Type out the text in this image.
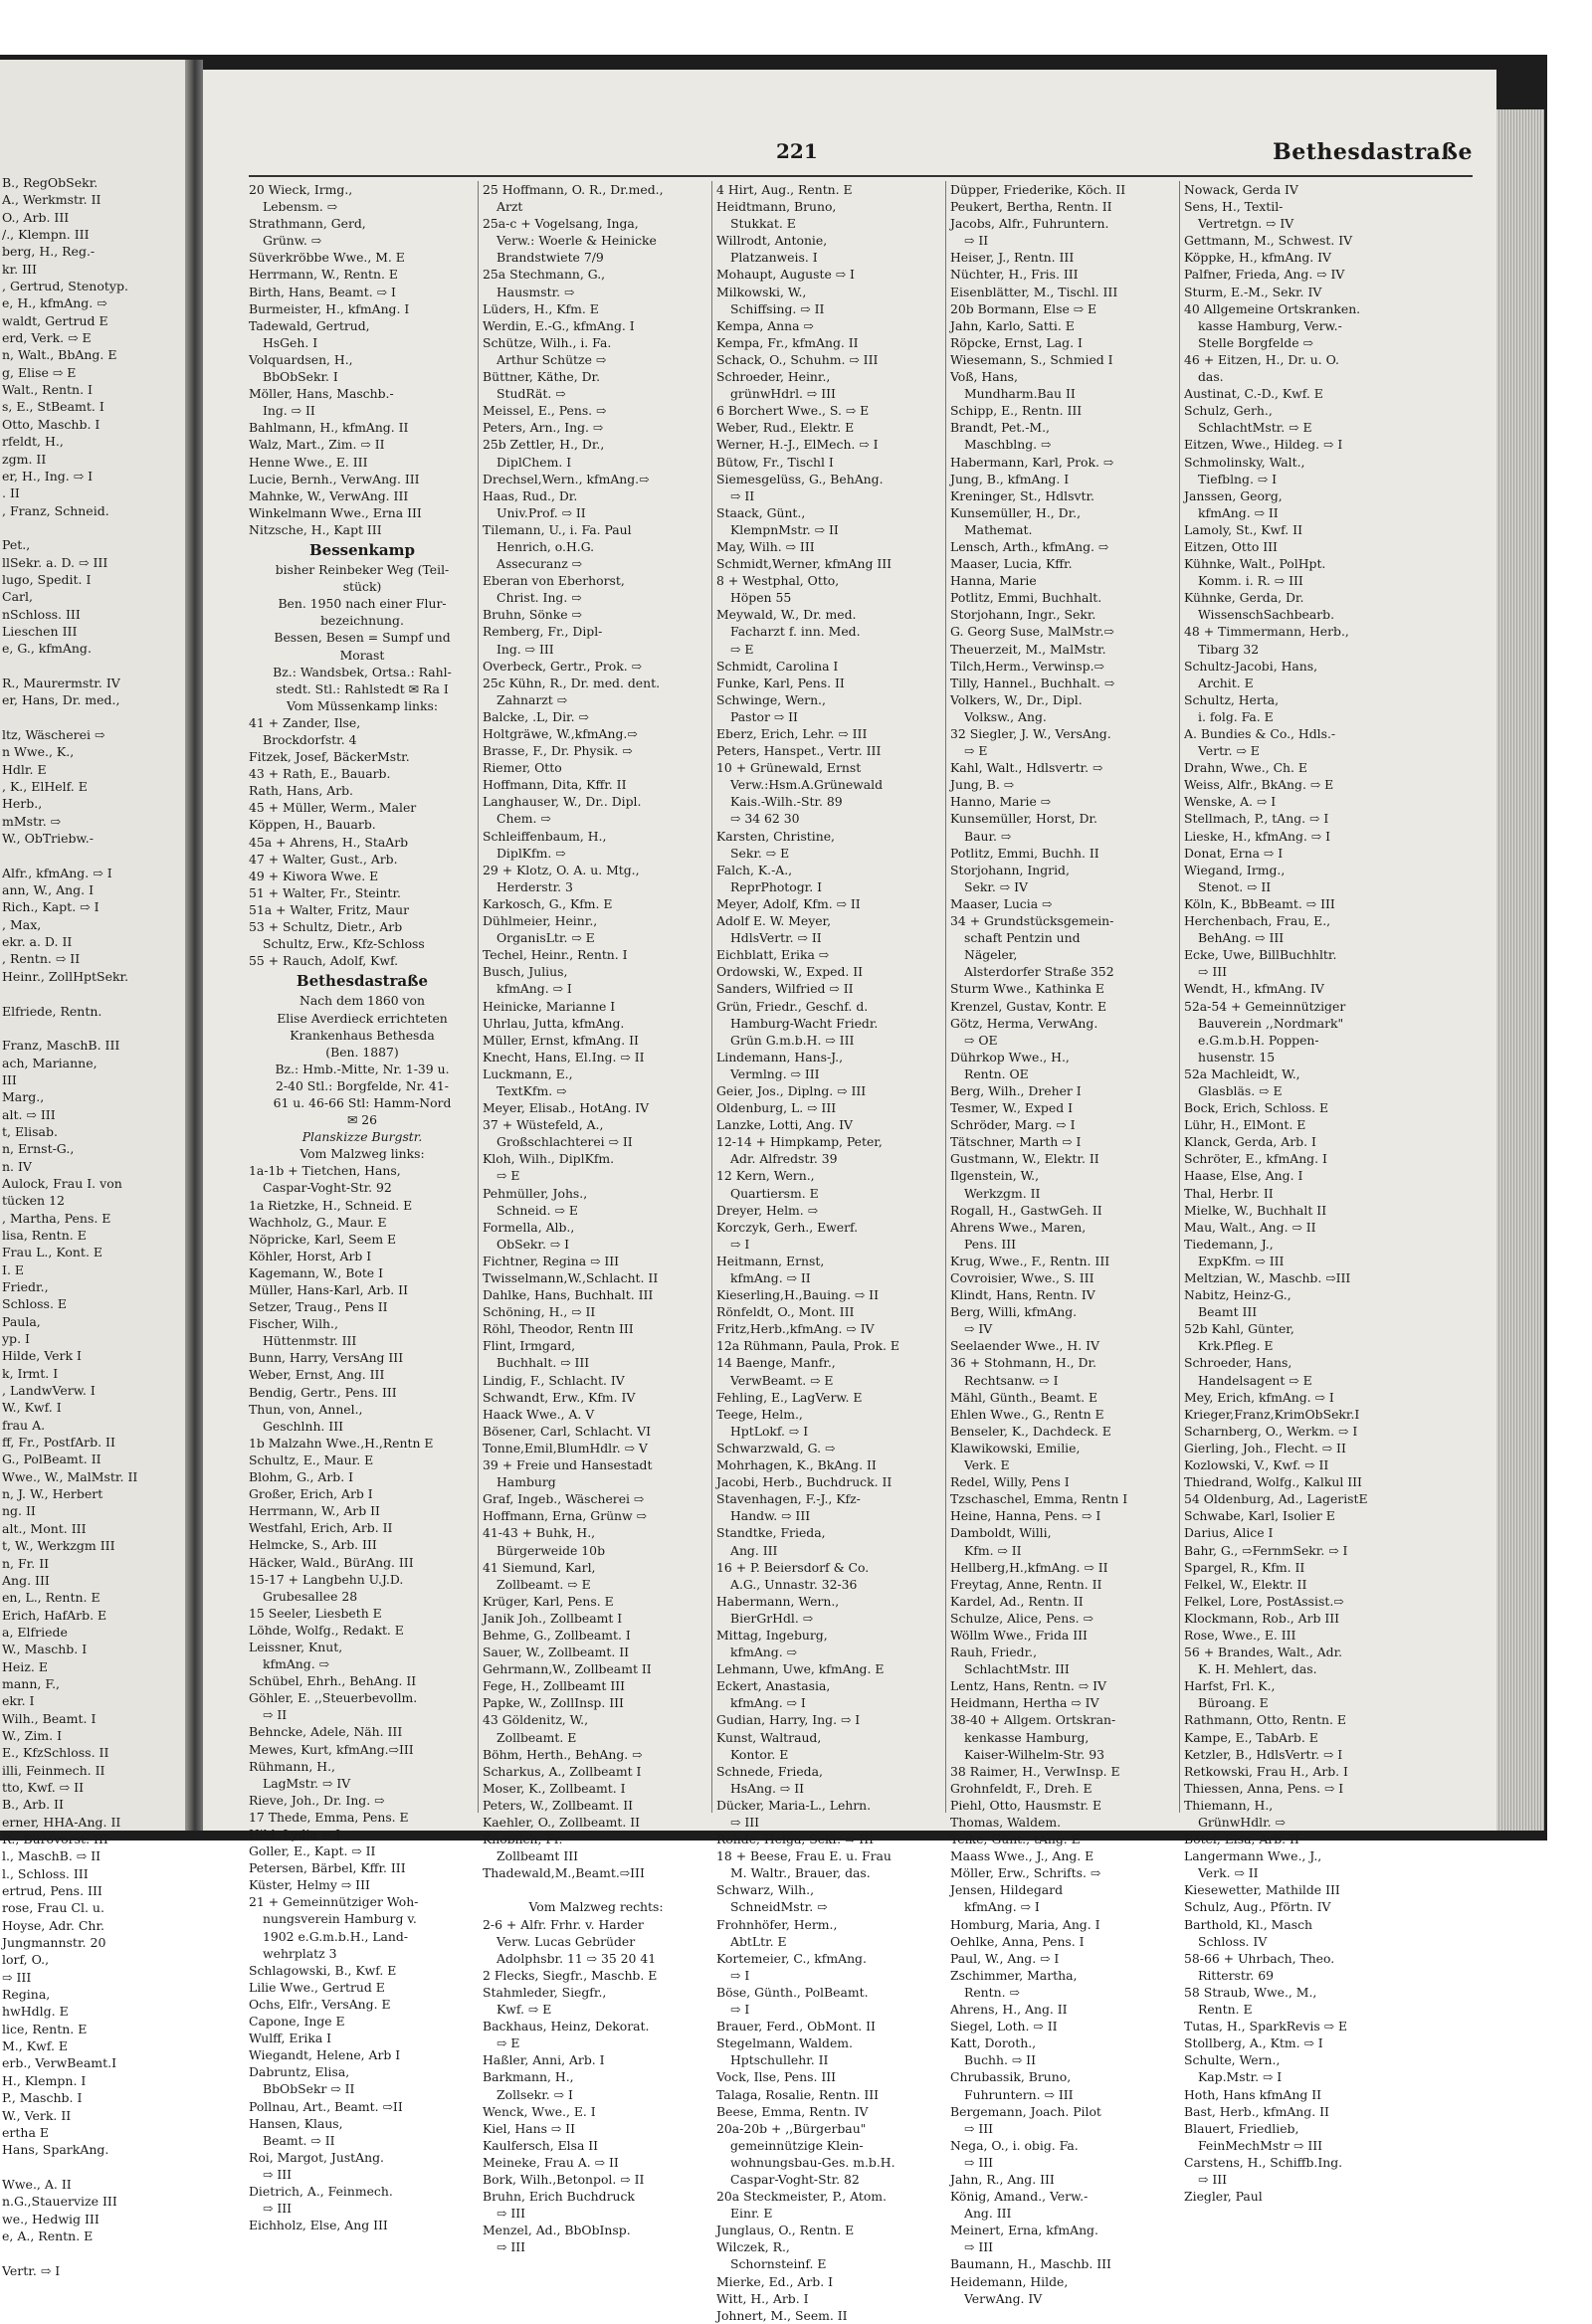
B., RegObSekr.
A., Werkmstr. II
O., Arb. III
/., Klempn. III
berg, H., Reg.-
kr. III
, Gertrud, Stenotyp.
e, H., kfmAng. ⇨
waldt, Gertrud E
erd, Verk. ⇨ E
n, Walt., BbAng. E
g, Elise ⇨ E
Walt., Rentn. I
s, E., StBeamt. I
Otto, Maschb. I
rfeldt, H.,
zgm. II
er, H., Ing. ⇨ I
. II
, Franz, Schneid.

Pet.,
llSekr. a. D. ⇨ III
lugo, Spedit. I
Carl,
nSchloss. III
Lieschen III
e, G., kfmAng.

R., Maurermstr. IV
er, Hans, Dr. med.,

ltz, Wäscherei ⇨
n Wwe., K.,
Hdlr. E
, K., ElHelf. E
Herb.,
mMstr. ⇨
W., ObTriebw.-

Alfr., kfmAng. ⇨ I
ann, W., Ang. I
Rich., Kapt. ⇨ I
, Max,
ekr. a. D. II
, Rentn. ⇨ II
Heinr., ZollHptSekr.

Elfriede, Rentn.

Franz, MaschB. III
ach, Marianne,
III
Marg.,
alt. ⇨ III
t, Elisab.
n, Ernst-G.,
n. IV
Aulock, Frau I. von
tücken 12
, Martha, Pens. E
lisa, Rentn. E
Frau L., Kont. E
I. E
Friedr.,
Schloss. E
Paula,
yp. I
Hilde, Verk I
k, Irmt. I
, LandwVerw. I
W., Kwf. I
frau A.
ff, Fr., PostfArb. II
G., PolBeamt. II
Wwe., W., MalMstr. II
n, J. W., Herbert
ng. II
alt., Mont. III
t, W., Werkzgm III
n, Fr. II
Ang. III
en, L., Rentn. E
Erich, HafArb. E
a, Elfriede
W., Maschb. I
Heiz. E
mann, F.,
ekr. I
Wilh., Beamt. I
W., Zim. I
E., KfzSchloss. II
illi, Feinmech. II
tto, Kwf. ⇨ II
B., Arb. II
erner, HHA-Ang. II
R., Bürovorst. III
l., MaschB. ⇨ II
l., Schloss. III
ertrud, Pens. III
rose, Frau Cl. u.
Hoyse, Adr. Chr.
Jungmannstr. 20
lorf, O.,
⇨ III
Regina,
hwHdlg. E
lice, Rentn. E
M., Kwf. E
erb., VerwBeamt.I
H., Klempn. I
P., Maschb. I
W., Verk. II
ertha E
Hans, SparkAng.

Wwe., A. II
n.G.,Stauervize III
we., Hedwig III
e, A., Rentn. E

Vertr. ⇨ I
221	Bethesdastraße
20 Wieck, Irmg.,
Lebensm. ⇨
Strathmann, Gerd,
Grünw. ⇨
Süverkröbbe Wwe., M. E
Herrmann, W., Rentn. E
Birth, Hans, Beamt. ⇨ I
Burmeister, H., kfmAng. I
Tadewald, Gertrud,
HsGeh. I
Volquardsen, H.,
BbObSekr. I
Möller, Hans, Maschb.-
Ing. ⇨ II
Bahlmann, H., kfmAng. II
Walz, Mart., Zim. ⇨ II
Henne Wwe., E. III
Lucie, Bernh., VerwAng. III
Mahnke, W., VerwAng. III
Winkelmann Wwe., Erna III
Nitzsche, H., Kapt III
Bessenkamp
bisher Reinbeker Weg (Teil-
stück)
Ben. 1950 nach einer Flur-
bezeichnung.
Bessen, Besen = Sumpf und
Morast
Bz.: Wandsbek, Ortsa.: Rahl-
stedt. Stl.: Rahlstedt ✉ Ra I
Vom Müssenkamp links:
41 + Zander, Ilse,
Brockdorfstr. 4
Fitzek, Josef, BäckerMstr.
43 + Rath, E., Bauarb.
Rath, Hans, Arb.
45 + Müller, Werm., Maler
Köppen, H., Bauarb.
45a + Ahrens, H., StaArb
47 + Walter, Gust., Arb.
49 + Kiwora Wwe. E
51 + Walter, Fr., Steintr.
51a + Walter, Fritz, Maur
53 + Schultz, Dietr., Arb
Schultz, Erw., Kfz-Schloss
55 + Rauch, Adolf, Kwf.
Bethesdastraße
Nach dem 1860 von
Elise Averdieck errichteten
Krankenhaus Bethesda
(Ben. 1887)
Bz.: Hmb.-Mitte, Nr. 1-39 u.
2-40 Stl.: Borgfelde, Nr. 41-
61 u. 46-66 Stl: Hamm-Nord
✉ 26
Planskizze Burgstr.
Vom Malzweg links:
1a-1b + Tietchen, Hans,
Caspar-Voght-Str. 92
1a Rietzke, H., Schneid. E
Wachholz, G., Maur. E
Nöpricke, Karl, Seem E
Köhler, Horst, Arb I
Kagemann, W., Bote I
Müller, Hans-Karl, Arb. II
Setzer, Traug., Pens II
Fischer, Wilh.,
Hüttenmstr. III
Bunn, Harry, VersAng III
Weber, Ernst, Ang. III
Bendig, Gertr., Pens. III
Thun, von, Annel.,
Geschlnh. III
1b Malzahn Wwe.,H.,Rentn E
Schultz, E., Maur. E
Blohm, G., Arb. I
Großer, Erich, Arb I
Herrmann, W., Arb II
Westfahl, Erich, Arb. II
Helmcke, S., Arb. III
Häcker, Wald., BürAng. III
15-17 + Langbehn U.J.D.
Grubesallee 28
15 Seeler, Liesbeth E
Löhde, Wolfg., Redakt. E
Leissner, Knut,
kfmAng. ⇨
Schübel, Ehrh., BehAng. II
Göhler, E. ,,Steuerbevollm.
⇨ II
Behncke, Adele, Näh. III
Mewes, Kurt, kfmAng.⇨III
Rühmann, H.,
LagMstr. ⇨ IV
Rieve, Joh., Dr. Ing. ⇨
17 Thede, Emma, Pens. E
Hild, Lydia ⇨ I
Goller, E., Kapt. ⇨ II
Petersen, Bärbel, Kffr. III
Küster, Helmy ⇨ III
21 + Gemeinnütziger Woh-
nungsverein Hamburg v.
1902 e.G.m.b.H., Land-
wehrplatz 3
Schlagowski, B., Kwf. E
Lilie Wwe., Gertrud E
Ochs, Elfr., VersAng. E
Capone, Inge E
Wulff, Erika I
Wiegandt, Helene, Arb I
Dabruntz, Elisa,
BbObSekr ⇨ II
Pollnau, Art., Beamt. ⇨II
Hansen, Klaus,
Beamt. ⇨ II
Roi, Margot, JustAng.
⇨ III
Dietrich, A., Feinmech.
⇨ III
Eichholz, Else, Ang III
25 Hoffmann, O. R., Dr.med.,
Arzt
25a-c + Vogelsang, Inga,
Verw.: Woerle & Heinicke
Brandstwiete 7/9
25a Stechmann, G.,
Hausmstr. ⇨
Lüders, H., Kfm. E
Werdin, E.-G., kfmAng. I
Schütze, Wilh., i. Fa.
Arthur Schütze ⇨
Büttner, Käthe, Dr.
StudRät. ⇨
Meissel, E., Pens. ⇨
Peters, Arn., Ing. ⇨
25b Zettler, H., Dr.,
DiplChem. I
Drechsel,Wern., kfmAng.⇨
Haas, Rud., Dr.
Univ.Prof. ⇨ II
Tilemann, U., i. Fa. Paul
Henrich, o.H.G.
Assecuranz ⇨
Eberan von Eberhorst,
Christ. Ing. ⇨
Bruhn, Sönke ⇨
Remberg, Fr., Dipl-
Ing. ⇨ III
Overbeck, Gertr., Prok. ⇨
25c Kühn, R., Dr. med. dent.
Zahnarzt ⇨
Balcke, .L, Dir. ⇨
Holtgräwe, W.,kfmAng.⇨
Brasse, F., Dr. Physik. ⇨
Riemer, Otto
Hoffmann, Dita, Kffr. II
Langhauser, W., Dr.. Dipl.
Chem. ⇨
Schleiffenbaum, H.,
DiplKfm. ⇨
29 + Klotz, O. A. u. Mtg.,
Herderstr. 3
Karkosch, G., Kfm. E
Dühlmeier, Heinr.,
OrganisLtr. ⇨ E
Techel, Heinr., Rentn. I
Busch, Julius,
kfmAng. ⇨ I
Heinicke, Marianne I
Uhrlau, Jutta, kfmAng.
Müller, Ernst, kfmAng. II
Knecht, Hans, El.Ing. ⇨ II
Luckmann, E.,
TextKfm. ⇨
Meyer, Elisab., HotAng. IV
37 + Wüstefeld, A.,
Großschlachterei ⇨ II
Kloh, Wilh., DiplKfm.
⇨ E
Pehmüller, Johs.,
Schneid. ⇨ E
Formella, Alb.,
ObSekr. ⇨ I
Fichtner, Regina ⇨ III
Twisselmann,W.,Schlacht. II
Dahlke, Hans, Buchhalt. III
Schöning, H., ⇨ II
Röhl, Theodor, Rentn III
Flint, Irmgard,
Buchhalt. ⇨ III
Lindig, F., Schlacht. IV
Schwandt, Erw., Kfm. IV
Haack Wwe., A. V
Bösener, Carl, Schlacht. VI
Tonne,Emil,BlumHdlr. ⇨ V
39 + Freie und Hansestadt
Hamburg
Graf, Ingeb., Wäscherei ⇨
Hoffmann, Erna, Grünw ⇨
41-43 + Buhk, H.,
Bürgerweide 10b
41 Siemund, Karl,
Zollbeamt. ⇨ E
Krüger, Karl, Pens. E
Janik Joh., Zollbeamt I
Behme, G., Zollbeamt. I
Sauer, W., Zollbeamt. II
Gehrmann,W., Zollbeamt II
Fege, H., Zollbeamt III
Papke, W., ZollInsp. III
43 Göldenitz, W.,
Zollbeamt. E
Böhm, Herth., BehAng. ⇨
Scharkus, A., Zollbeamt I
Moser, K., Zollbeamt. I
Peters, W., Zollbeamt. II
Kaehler, O., Zollbeamt. II
Knoblich, Fr.
Zollbeamt III
Thadewald,M.,Beamt.⇨III

Vom Malzweg rechts:
2-6 + Alfr. Frhr. v. Harder
Verw. Lucas Gebrüder
Adolphsbr. 11 ⇨ 35 20 41
2 Flecks, Siegfr., Maschb. E
Stahmleder, Siegfr.,
Kwf. ⇨ E
Backhaus, Heinz, Dekorat.
⇨ E
Haßler, Anni, Arb. I
Barkmann, H.,
Zollsekr. ⇨ I
Wenck, Wwe., E. I
Kiel, Hans ⇨ II
Kaulfersch, Elsa II
Meineke, Frau A. ⇨ II
Bork, Wilh.,Betonpol. ⇨ II
Bruhn, Erich Buchdruck
⇨ III
Menzel, Ad., BbObInsp.
⇨ III
4 Hirt, Aug., Rentn. E
Heidtmann, Bruno,
Stukkat. E
Willrodt, Antonie,
Platzanweis. I
Mohaupt, Auguste ⇨ I
Milkowski, W.,
Schiffsing. ⇨ II
Kempa, Anna ⇨
Kempa, Fr., kfmAng. II
Schack, O., Schuhm. ⇨ III
Schroeder, Heinr.,
grünwHdrl. ⇨ III
6 Borchert Wwe., S. ⇨ E
Weber, Rud., Elektr. E
Werner, H.-J., ElMech. ⇨ I
Bütow, Fr., Tischl I
Siemesgelüss, G., BehAng.
⇨ II
Staack, Günt.,
KlempnMstr. ⇨ II
May, Wilh. ⇨ III
Schmidt,Werner, kfmAng III
8 + Westphal, Otto,
Höpen 55
Meywald, W., Dr. med.
Facharzt f. inn. Med.
⇨ E
Schmidt, Carolina I
Funke, Karl, Pens. II
Schwinge, Wern.,
Pastor ⇨ II
Eberz, Erich, Lehr. ⇨ III
Peters, Hanspet., Vertr. III
10 + Grünewald, Ernst
Verw.:Hsm.A.Grünewald
Kais.-Wilh.-Str. 89
⇨ 34 62 30
Karsten, Christine,
Sekr. ⇨ E
Falch, K.-A.,
ReprPhotogr. I
Meyer, Adolf, Kfm. ⇨ II
Adolf E. W. Meyer,
HdlsVertr. ⇨ II
Eichblatt, Erika ⇨
Ordowski, W., Exped. II
Sanders, Wilfried ⇨ II
Grün, Friedr., Geschf. d.
Hamburg-Wacht Friedr.
Grün G.m.b.H. ⇨ III
Lindemann, Hans-J.,
Vermlng. ⇨ III
Geier, Jos., Diplng. ⇨ III
Oldenburg, L. ⇨ III
Lanzke, Lotti, Ang. IV
12-14 + Himpkamp, Peter,
Adr. Alfredstr. 39
12 Kern, Wern.,
Quartiersm. E
Dreyer, Helm. ⇨
Korczyk, Gerh., Ewerf.
⇨ I
Heitmann, Ernst,
kfmAng. ⇨ II
Kieserling,H.,Bauing. ⇨ II
Rönfeldt, O., Mont. III
Fritz,Herb.,kfmAng. ⇨ IV
12a Rühmann, Paula, Prok. E
14 Baenge, Manfr.,
VerwBeamt. ⇨ E
Fehling, E., LagVerw. E
Teege, Helm.,
HptLokf. ⇨ I
Schwarzwald, G. ⇨
Mohrhagen, K., BkAng. II
Jacobi, Herb., Buchdruck. II
Stavenhagen, F.-J., Kfz-
Handw. ⇨ III
Standtke, Frieda,
Ang. III
16 + P. Beiersdorf & Co.
A.G., Unnastr. 32-36
Habermann, Wern.,
BierGrHdl. ⇨
Mittag, Ingeburg,
kfmAng. ⇨
Lehmann, Uwe, kfmAng. E
Eckert, Anastasia,
kfmAng. ⇨ I
Gudian, Harry, Ing. ⇨ I
Kunst, Waltraud,
Kontor. E
Schnede, Frieda,
HsAng. ⇨ II
Dücker, Maria-L., Lehrn.
⇨ III
Rohde, Helga, Sekr. ⇨ III
18 + Beese, Frau E. u. Frau
M. Waltr., Brauer, das.
Schwarz, Wilh.,
SchneidMstr. ⇨
Frohnhöfer, Herm.,
AbtLtr. E
Kortemeier, C., kfmAng.
⇨ I
Böse, Günth., PolBeamt.
⇨ I
Brauer, Ferd., ObMont. II
Stegelmann, Waldem.
Hptschullehr. II
Vock, Ilse, Pens. III
Talaga, Rosalie, Rentn. III
Beese, Emma, Rentn. IV
20a-20b + ,,Bürgerbau"
gemeinnützige Klein-
wohnungsbau-Ges. m.b.H.
Caspar-Voght-Str. 82
20a Steckmeister, P., Atom.
Einr. E
Junglaus, O., Rentn. E
Wilczek, R.,
Schornsteinf. E
Mierke, Ed., Arb. I
Witt, H., Arb. I
Johnert, M., Seem. II
Düpper, Friederike, Köch. II
Peukert, Bertha, Rentn. II
Jacobs, Alfr., Fuhruntern.
⇨ II
Heiser, J., Rentn. III
Nüchter, H., Fris. III
Eisenblätter, M., Tischl. III
20b Bormann, Else ⇨ E
Jahn, Karlo, Satti. E
Röpcke, Ernst, Lag. I
Wiesemann, S., Schmied I
Voß, Hans,
Mundharm.Bau II
Schipp, E., Rentn. III
Brandt, Pet.-M.,
Maschblng. ⇨
Habermann, Karl, Prok. ⇨
Jung, B., kfmAng. I
Kreninger, St., Hdlsvtr.
Kunsemüller, H., Dr.,
Mathemat.
Lensch, Arth., kfmAng. ⇨
Maaser, Lucia, Kffr.
Hanna, Marie
Potlitz, Emmi, Buchhalt.
Storjohann, Ingr., Sekr.
G. Georg Suse, MalMstr.⇨
Theuerzeit, M., MalMstr.
Tilch,Herm., Verwinsp.⇨
Tilly, Hannel., Buchhalt. ⇨
Volkers, W., Dr., Dipl.
Volksw., Ang.
32 Siegler, J. W., VersAng.
⇨ E
Kahl, Walt., Hdlsvertr. ⇨
Jung, B. ⇨
Hanno, Marie ⇨
Kunsemüller, Horst, Dr.
Baur. ⇨
Potlitz, Emmi, Buchh. II
Storjohann, Ingrid,
Sekr. ⇨ IV
Maaser, Lucia ⇨
34 + Grundstücksgemein-
schaft Pentzin und
Nägeler,
Alsterdorfer Straße 352
Sturm Wwe., Kathinka E
Krenzel, Gustav, Kontr. E
Götz, Herma, VerwAng.
⇨ OE
Dührkop Wwe., H.,
Rentn. OE
Berg, Wilh., Dreher I
Tesmer, W., Exped I
Schröder, Marg. ⇨ I
Tätschner, Marth ⇨ I
Gustmann, W., Elektr. II
Ilgenstein, W.,
Werkzgm. II
Rogall, H., GastwGeh. II
Ahrens Wwe., Maren,
Pens. III
Krug, Wwe., F., Rentn. III
Covroisier, Wwe., S. III
Klindt, Hans, Rentn. IV
Berg, Willi, kfmAng.
⇨ IV
Seelaender Wwe., H. IV
36 + Stohmann, H., Dr.
Rechtsanw. ⇨ I
Mähl, Günth., Beamt. E
Ehlen Wwe., G., Rentn E
Benseler, K., Dachdeck. E
Klawikowski, Emilie,
Verk. E
Redel, Willy, Pens I
Tzschaschel, Emma, Rentn I
Heine, Hanna, Pens. ⇨ I
Damboldt, Willi,
Kfm. ⇨ II
Hellberg,H.,kfmAng. ⇨ II
Freytag, Anne, Rentn. II
Kardel, Ad., Rentn. II
Schulze, Alice, Pens. ⇨
Wöllm Wwe., Frida III
Rauh, Friedr.,
SchlachtMstr. III
Lentz, Hans, Rentn. ⇨ IV
Heidmann, Hertha ⇨ IV
38-40 + Allgem. Ortskran-
kenkasse Hamburg,
Kaiser-Wilhelm-Str. 93
38 Raimer, H., VerwInsp. E
Grohnfeldt, F., Dreh. E
Piehl, Otto, Hausmstr. E
Thomas, Waldem.
Teike, Günt., tAng. E
Maass Wwe., J., Ang. E
Möller, Erw., Schrifts. ⇨
Jensen, Hildegard
kfmAng. ⇨ I
Homburg, Maria, Ang. I
Oehlke, Anna, Pens. I
Paul, W., Ang. ⇨ I
Zschimmer, Martha,
Rentn. ⇨
Ahrens, H., Ang. II
Siegel, Loth. ⇨ II
Katt, Doroth.,
Buchh. ⇨ II
Chrubassik, Bruno,
Fuhruntern. ⇨ III
Bergemann, Joach. Pilot
⇨ III
Nega, O., i. obig. Fa.
⇨ III
Jahn, R., Ang. III
König, Amand., Verw.-
Ang. III
Meinert, Erna, kfmAng.
⇨ III
Baumann, H., Maschb. III
Heidemann, Hilde,
VerwAng. IV
Nowack, Gerda IV
Sens, H., Textil-
Vertretgn. ⇨ IV
Gettmann, M., Schwest. IV
Köppke, H., kfmAng. IV
Palfner, Frieda, Ang. ⇨ IV
Sturm, E.-M., Sekr. IV
40 Allgemeine Ortskranken.
kasse Hamburg, Verw.-
Stelle Borgfelde ⇨
46 + Eitzen, H., Dr. u. O.
das.
Austinat, C.-D., Kwf. E
Schulz, Gerh.,
SchlachtMstr. ⇨ E
Eitzen, Wwe., Hildeg. ⇨ I
Schmolinsky, Walt.,
Tiefblng. ⇨ I
Janssen, Georg,
kfmAng. ⇨ II
Lamoly, St., Kwf. II
Eitzen, Otto III
Kühnke, Walt., PolHpt.
Komm. i. R. ⇨ III
Kühnke, Gerda, Dr.
WissenschSachbearb.
48 + Timmermann, Herb.,
Tibarg 32
Schultz-Jacobi, Hans,
Archit. E
Schultz, Herta,
i. folg. Fa. E
A. Bundies & Co., Hdls.-
Vertr. ⇨ E
Drahn, Wwe., Ch. E
Weiss, Alfr., BkAng. ⇨ E
Wenske, A. ⇨ I
Stellmach, P., tAng. ⇨ I
Lieske, H., kfmAng. ⇨ I
Donat, Erna ⇨ I
Wiegand, Irmg.,
Stenot. ⇨ II
Köln, K., BbBeamt. ⇨ III
Herchenbach, Frau, E.,
BehAng. ⇨ III
Ecke, Uwe, BillBuchhltr.
⇨ III
Wendt, H., kfmAng. IV
52a-54 + Gemeinnütziger
Bauverein ,,Nordmark"
e.G.m.b.H. Poppen-
husenstr. 15
52a Machleidt, W.,
Glasbläs. ⇨ E
Bock, Erich, Schloss. E
Lühr, H., ElMont. E
Klanck, Gerda, Arb. I
Schröter, E., kfmAng. I
Haase, Else, Ang. I
Thal, Herbr. II
Mielke, W., Buchhalt II
Mau, Walt., Ang. ⇨ II
Tiedemann, J.,
ExpKfm. ⇨ III
Meltzian, W., Maschb. ⇨III
Nabitz, Heinz-G.,
Beamt III
52b Kahl, Günter,
Krk.Pfleg. E
Schroeder, Hans,
Handelsagent ⇨ E
Mey, Erich, kfmAng. ⇨ I
Krieger,Franz,KrimObSekr.I
Scharnberg, O., Werkm. ⇨ I
Gierling, Joh., Flecht. ⇨ II
Kozlowski, V., Kwf. ⇨ II
Thiedrand, Wolfg., Kalkul III
54 Oldenburg, Ad., LageristE
Schwabe, Karl, Isolier E
Darius, Alice I
Bahr, G., ⇨FernmSekr. ⇨ I
Spargel, R., Kfm. II
Felkel, W., Elektr. II
Felkel, Lore, PostAssist.⇨
Klockmann, Rob., Arb III
Rose, Wwe., E. III
56 + Brandes, Walt., Adr.
K. H. Mehlert, das.
Harfst, Frl. K.,
Büroang. E
Rathmann, Otto, Rentn. E
Kampe, E., TabArb. E
Ketzler, B., HdlsVertr. ⇨ I
Retkowski, Frau H., Arb. I
Thiessen, Anna, Pens. ⇨ I
Thiemann, H.,
GrünwHdlr. ⇨
Bötel, Elsa, Arb. II
Langermann Wwe., J.,
Verk. ⇨ II
Kiesewetter, Mathilde III
Schulz, Aug., Pförtn. IV
Barthold, Kl., Masch
Schloss. IV
58-66 + Uhrbach, Theo.
Ritterstr. 69
58 Straub, Wwe., M.,
Rentn. E
Tutas, H., SparkRevis ⇨ E
Stollberg, A., Ktm. ⇨ I
Schulte, Wern.,
Kap.Mstr. ⇨ I
Hoth, Hans kfmAng II
Bast, Herb., kfmAng. II
Blauert, Friedlieb,
FeinMechMstr ⇨ III
Carstens, H., Schiffb.Ing.
⇨ III
Ziegler, Paul
